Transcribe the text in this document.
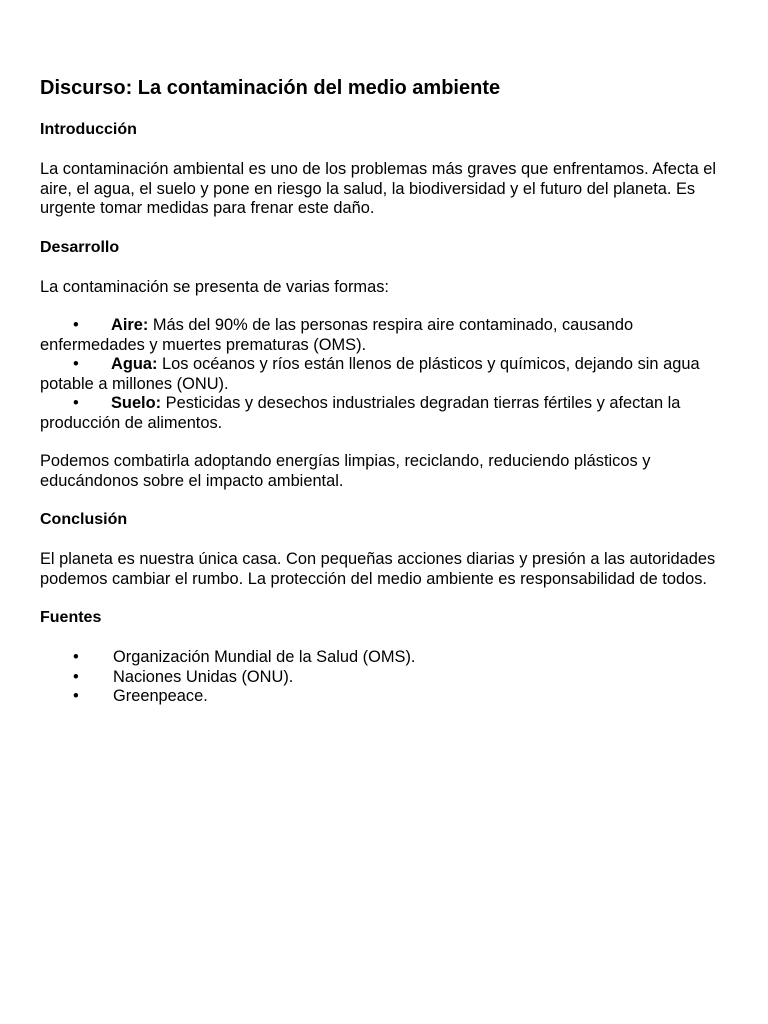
Discurso: La contaminación del medio ambiente
Introducción

La contaminación ambiental es uno de los problemas más graves que enfrentamos. Afecta el aire, el agua, el suelo y pone en riesgo la salud, la biodiversidad y el futuro del planeta. Es urgente tomar medidas para frenar este daño.

Desarrollo

La contaminación se presenta de varias formas:

• Aire: Más del 90% de las personas respira aire contaminado, causando enfermedades y muertes prematuras (OMS).
• Agua: Los océanos y ríos están llenos de plásticos y químicos, dejando sin agua potable a millones (ONU).
• Suelo: Pesticidas y desechos industriales degradan tierras fértiles y afectan la producción de alimentos.

Podemos combatirla adoptando energías limpias, reciclando, reduciendo plásticos y educándonos sobre el impacto ambiental.

Conclusión

El planeta es nuestra única casa. Con pequeñas acciones diarias y presión a las autoridades podemos cambiar el rumbo. La protección del medio ambiente es responsabilidad de todos.

Fuentes
• Organización Mundial de la Salud (OMS).
• Naciones Unidas (ONU).
• Greenpeace.
